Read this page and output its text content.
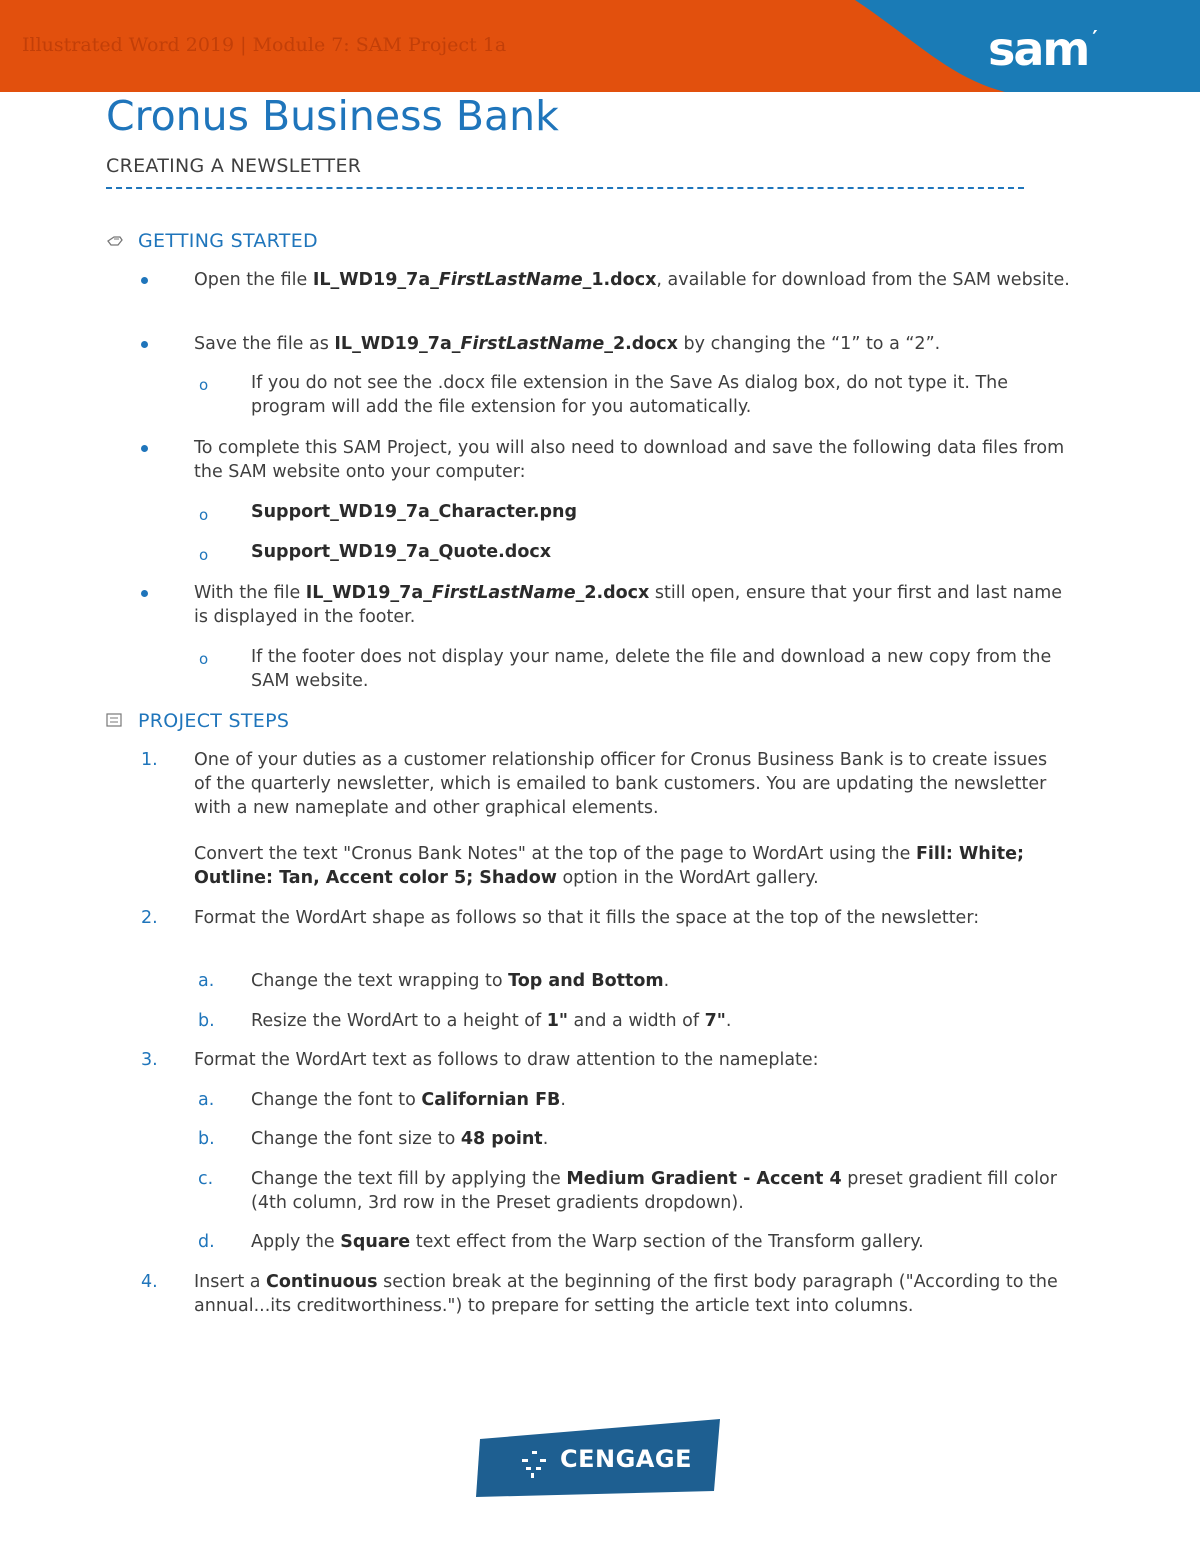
Illustrated Word 2019 | Module 7: SAM Project 1a	sam ′
Cronus Business Bank
CREATING A NEWSLETTER
GETTING STARTED
Open the file IL_WD19_7a_FirstLastName_1.docx, available for download from the SAM website.
Save the file as IL_WD19_7a_FirstLastName_2.docx by changing the “1” to a “2”.
o If you do not see the .docx file extension in the Save As dialog box, do not type it. The program will add the file extension for you automatically.
To complete this SAM Project, you will also need to download and save the following data files from the SAM website onto your computer:
o Support_WD19_7a_Character.png
o Support_WD19_7a_Quote.docx
With the file IL_WD19_7a_FirstLastName_2.docx still open, ensure that your first and last name is displayed in the footer.
o If the footer does not display your name, delete the file and download a new copy from the SAM website.
PROJECT STEPS
1. One of your duties as a customer relationship officer for Cronus Business Bank is to create issues of the quarterly newsletter, which is emailed to bank customers. You are updating the newsletter with a new nameplate and other graphical elements.
Convert the text "Cronus Bank Notes" at the top of the page to WordArt using the Fill: White; Outline: Tan, Accent color 5; Shadow option in the WordArt gallery.
2. Format the WordArt shape as follows so that it fills the space at the top of the newsletter:
a. Change the text wrapping to Top and Bottom.
b. Resize the WordArt to a height of 1" and a width of 7".
3. Format the WordArt text as follows to draw attention to the nameplate:
a. Change the font to Californian FB.
b. Change the font size to 48 point.
c. Change the text fill by applying the Medium Gradient - Accent 4 preset gradient fill color (4th column, 3rd row in the Preset gradients dropdown).
d. Apply the Square text effect from the Warp section of the Transform gallery.
4. Insert a Continuous section break at the beginning of the first body paragraph ("According to the annual...its creditworthiness.") to prepare for setting the article text into columns.
CENGAGE
